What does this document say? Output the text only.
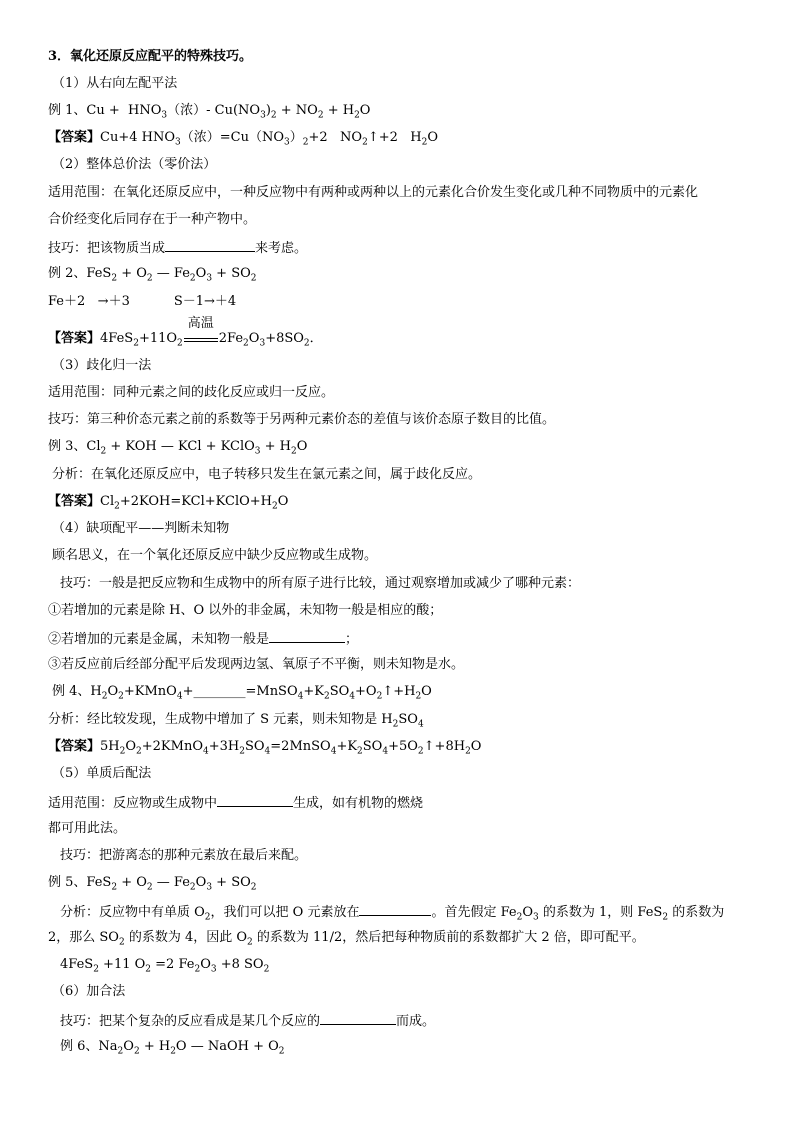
3．氧化还原反应配平的特殊技巧。
（1）从右向左配平法
例 1、$Cu + HNO_3$（浓）- $Cu(NO_3)_2 + NO_2 + H_2O$
【答案】Cu+4 $HNO_3$（浓）$=Cu(NO_3)_2+2$   $NO_2↑+2$   $H_2O$
（2）整体总价法（零价法）
适用范围：在氧化还原反应中，一种反应物中有两种或两种以上的元素化合价发生变化或几种不同物质中的元素化
合价经变化后同存在于一种产物中。
技巧：把该物质当成	来考虑。
例 2、$FeS_2 + O_2$ — $Fe_2O_3 + SO_2$
Fe＋2   →＋3	S－1→＋4
【答案】$4FeS_2+11O_2$
高温
$2Fe_2O_3+8SO_2$．
（3）歧化归一法
适用范围：同种元素之间的歧化反应或归一反应。
技巧：第三种价态元素之前的系数等于另两种元素价态的差值与该价态原子数目的比值。
例 3、$Cl_2$ + KOH — KCl + KClO$_3$ + $H_2O$
分析：在氧化还原反应中，电子转移只发生在氯元素之间，属于歧化反应。
【答案】$Cl_2+2KOH=KCl+KClO+H_2O$
（4）缺项配平——判断未知物
顾名思义，在一个氧化还原反应中缺少反应物或生成物。
技巧：一般是把反应物和生成物中的所有原子进行比较，通过观察增加或减少了哪种元素：
①若增加的元素是除 H、O 以外的非金属，未知物一般是相应的酸；
②若增加的元素是金属，未知物一般是	；
③若反应前后经部分配平后发现两边氢、氧原子不平衡，则未知物是水。
例 4、$H_2O_2+KMnO_4+\_\_\_\_\_\_\_\_=MnSO_4+K_2SO_4+O_2↑+H_2O$
分析：经比较发现，生成物中增加了 S 元素，则未知物是 $H_2SO_4$
【答案】$5H_2O_2+2KMnO_4+3H_2SO_4=2MnSO_4+K_2SO_4+5O_2↑+8H_2O$
（5）单质后配法
适用范围：反应物或生成物中	生成，如有机物的燃烧
都可用此法。
技巧：把游离态的那种元素放在最后来配。
例 5、$FeS_2 + O_2$ — $Fe_2O_3 + SO_2$
分析：反应物中有单质 $O_2$，我们可以把 O 元素放在	。首先假定 $Fe_2O_3$ 的系数为 1，则 FeS$_2$ 的系数为
2，那么 $SO_2$ 的系数为 4，因此 $O_2$ 的系数为 11/2，然后把每种物质前的系数都扩大 2 倍，即可配平。
4FeS$_2$ +11 $O_2 =2$ $Fe_2O_3 +8$ $SO_2$
（6）加合法
技巧：把某个复杂的反应看成是某几个反应的	而成。
例 6、$Na_2O_2 + H_2O$ — NaOH + $O_2$
